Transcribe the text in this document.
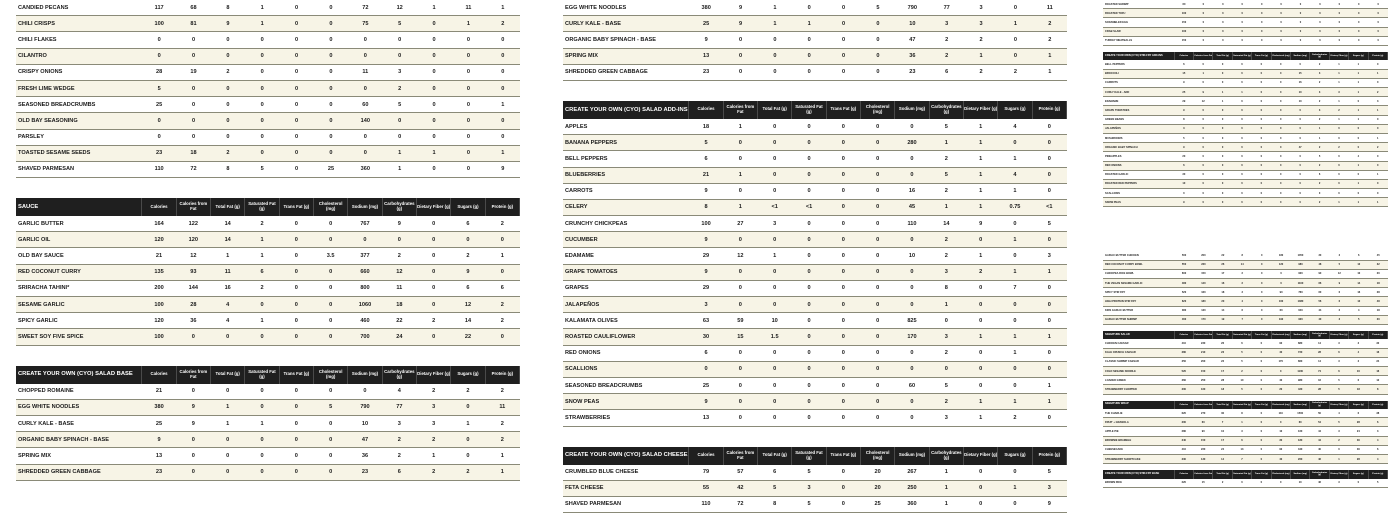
CANDIED PECANS	117	68	8	1	0	0	72	12	1	11	1
CHILI CRISPS	100	81	9	1	0	0	75	5	0	1	2
CHILI FLAKES	0	0	0	0	0	0	0	0	0	0	0
CILANTRO	0	0	0	0	0	0	0	0	0	0	0
CRISPY ONIONS	28	19	2	0	0	0	11	3	0	0	0
FRESH LIME WEDGE	5	0	0	0	0	0	0	2	0	0	0
SEASONED BREADCRUMBS	25	0	0	0	0	0	60	5	0	0	1
OLD BAY SEASONING	0	0	0	0	0	0	140	0	0	0	0
PARSLEY	0	0	0	0	0	0	0	0	0	0	0
TOASTED SESAME SEEDS	23	18	2	0	0	0	0	1	1	0	1
SHAVED PARMESAN	110	72	8	5	0	25	360	1	0	0	9
SAUCE	Calories	Calories from Fat	Total Fat (g)	Saturated Fat (g)	Trans Fat (g)	Cholesterol (mg)	Sodium (mg)	Carbohydrates (g)	Dietary Fiber (g)	Sugars (g)	Protein (g)
GARLIC BUTTER	164	122	14	2	0	0	767	9	0	6	2
GARLIC OIL	120	120	14	1	0	0	0	0	0	0	0
OLD BAY SAUCE	21	12	1	1	0	3.5	377	2	0	2	1
RED COCONUT CURRY	135	93	11	6	0	0	660	12	0	9	0
SRIRACHA TAHINI*	200	144	16	2	0	0	800	11	0	6	6
SESAME GARLIC	100	28	4	0	0	0	1060	18	0	12	2
SPICY GARLIC	120	36	4	1	0	0	460	22	2	14	2
SWEET SOY FIVE SPICE	100	0	0	0	0	0	700	24	0	22	0
CREATE YOUR OWN (CYO) SALAD BASE	Calories	Calories from Fat	Total Fat (g)	Saturated Fat (g)	Trans Fat (g)	Cholesterol (mg)	Sodium (mg)	Carbohydrates (g)	Dietary Fiber (g)	Sugars (g)	Protein (g)
CHOPPED ROMAINE	21	0	0	0	0	0	0	4	2	2	2
EGG WHITE NOODLES	380	9	1	0	0	5	790	77	3	0	11
CURLY KALE - BASE	25	9	1	1	0	0	10	3	3	1	2
ORGANIC BABY SPINACH - BASE	9	0	0	0	0	0	47	2	2	0	2
SPRING MIX	13	0	0	0	0	0	36	2	1	0	1
SHREDDED GREEN CABBAGE	23	0	0	0	0	0	23	6	2	2	1
EGG WHITE NOODLES	380	9	1	0	0	5	790	77	3	0	11
CURLY KALE - BASE	25	9	1	1	0	0	10	3	3	1	2
ORGANIC BABY SPINACH - BASE	9	0	0	0	0	0	47	2	2	0	2
SPRING MIX	13	0	0	0	0	0	36	2	1	0	1
SHREDDED GREEN CABBAGE	23	0	0	0	0	0	23	6	2	2	1
CREATE YOUR OWN (CYO) SALAD ADD-INS	Calories	Calories from Fat	Total Fat (g)	Saturated Fat (g)	Trans Fat (g)	Cholesterol (mg)	Sodium (mg)	Carbohydrates (g)	Dietary Fiber (g)	Sugars (g)	Protein (g)
APPLES	18	1	0	0	0	0	0	5	1	4	0
BANANA PEPPERS	5	0	0	0	0	0	280	1	1	0	0
BELL PEPPERS	6	0	0	0	0	0	0	2	1	1	0
BLUEBERRIES	21	1	0	0	0	0	0	5	1	4	0
CARROTS	9	0	0	0	0	0	16	2	1	1	0
CELERY	8	1	<1	<1	0	0	45	1	1	0.75	<1
CRUNCHY CHICKPEAS	100	27	3	0	0	0	110	14	9	0	5
CUCUMBER	9	0	0	0	0	0	0	2	0	1	0
EDAMAME	29	12	1	0	0	0	10	2	1	0	3
GRAPE TOMATOES	9	0	0	0	0	0	0	3	2	1	1
GRAPES	29	0	0	0	0	0	0	8	0	7	0
JALAPEÑOS	3	0	0	0	0	0	0	1	0	0	0
KALAMATA OLIVES	63	59	10	0	0	0	825	0	0	0	0
ROASTED CAULIFLOWER	30	15	1.5	0	0	0	170	3	1	1	1
RED ONIONS	6	0	0	0	0	0	0	2	0	1	0
SCALLIONS	0	0	0	0	0	0	0	0	0	0	0
SEASONED BREADCRUMBS	25	0	0	0	0	0	60	5	0	0	1
SNOW PEAS	9	0	0	0	0	0	0	2	1	1	1
STRAWBERRIES	13	0	0	0	0	0	0	3	1	2	0
CREATE YOUR OWN (CYO) SALAD CHEESE	Calories	Calories from Fat	Total Fat (g)	Saturated Fat (g)	Trans Fat (g)	Cholesterol (mg)	Sodium (mg)	Carbohydrates (g)	Dietary Fiber (g)	Sugars (g)	Protein (g)
CRUMBLED BLUE CHEESE	79	57	6	5	0	20	267	1	0	0	5
FETA CHEESE	55	42	5	3	0	20	250	1	0	1	3
SHAVED PARMESAN	110	72	8	5	0	25	360	1	0	0	9
ROASTED SHRIMP	60	0	0	0	0	0	0	0	0	0	0
ROASTED TOFU	100	0	0	0	0	0	0	0	0	0	0
SCRAMBLED EGG	150	0	0	0	0	0	0	0	0	0	0
CRAB SLAW	100	0	0	0	0	0	0	0	0	0	0
TURKEY MEATBALLS	150	0	0	0	0	0	0	0	0	0	0
CREATE YOUR OWN (CYO) STIR-FRY ADD-INS	Calories	Calories from Fat	Total Fat (g)	Saturated Fat (g)	Trans Fat (g)	Cholesterol (mg)	Sodium (mg)	Carbohydrates (g)	Dietary Fiber (g)	Sugars (g)	Protein (g)
BELL PEPPERS	6	0	0	0	0	0	0	2	1	1	0
BROCCOLI	15	1	0	0	0	0	15	3	1	1	1
CARROTS	9	0	0	0	0	0	16	2	1	1	0
CURLY KALE - ADD	25	9	1	1	0	0	10	3	3	1	2
EDAMAME	29	12	1	0	0	0	10	2	1	0	3
GRAPE TOMATOES	9	0	0	0	0	0	0	3	2	1	1
GREEN BEANS	8	0	0	0	0	0	0	2	1	1	0
JALAPEÑOS	3	0	0	0	0	0	0	1	0	0	0
MUSHROOMS	5	0	0	0	0	0	0	1	0	0	1
ORGANIC BABY SPINACH	9	0	0	0	0	0	47	2	2	0	2
PINEAPPLES	20	0	0	0	0	0	0	5	0	4	0
RED ONIONS	6	0	0	0	0	0	0	2	0	1	0
ROASTED GARLIC	30	0	0	0	0	0	0	6	0	0	1
ROASTED RED PEPPERS	10	0	0	0	0	0	0	2	0	1	0
SCALLIONS	0	0	0	0	0	0	0	0	0	0	0
SNOW PEAS	9	0	0	0	0	0	0	2	1	1	1
GARLIC BUTTER CHICKEN	500	200	22	8	0	180	1050	30	3	6	45
RED COCONUT CURRY BOWL	550	230	26	14	0	120	980	48	5	12	32
CHICKPEA RICE BOWL	600	150	17	2	0	0	900	90	12	10	20
THE VEGAN SESAME GARLIC	480	140	16	2	0	0	1160	66	9	14	18
SPICY STIR FRY	520	160	18	3	0	90	760	60	6	16	28
HIGH PROTEIN STIR FRY	620	180	20	4	0	160	1080	56	6	12	48
KIDS GARLIC BUTTER	380	130	14	6	0	60	640	44	2	4	18
GARLIC BUTTER SHRIMP	460	170	19	7	0	190	900	40	3	5	30
SIGNATURE SALAD	Calories	Calories from Fat	Total Fat (g)	Saturated Fat (g)	Trans Fat (g)	Cholesterol (mg)	Sodium (mg)	Carbohydrates (g)	Dietary Fiber (g)	Sugars (g)	Protein (g)
CHICKEN CAESAR	410	230	26	6	0	90	880	14	3	3	32
KALE CRUNCH CAESAR	380	210	23	5	0	40	720	28	6	4	16
CLASSIC SHRIMP CAESAR	350	200	22	5	0	170	860	14	3	3	24
COLD SESAME NOODLE	520	150	17	2	0	0	1100	74	6	16	16
LOADED GREEK	360	250	28	10	0	40	980	16	5	6	12
STRAWBERRY CHOPPED	300	160	18	5	0	20	420	28	5	18	8
SIGNATURE WRAP	Calories	Calories from Fat	Total Fat (g)	Saturated Fat (g)	Trans Fat (g)	Cholesterol (mg)	Sodium (mg)	Carbohydrates (g)	Dietary Fiber (g)	Sugars (g)	Protein (g)
THE CHARLIE	620	270	30	8	0	110	1500	50	4	6	38
FRUIT + GRANOLA	300	60	7	1	0	0	60	54	5	28	6
APPLE PIE	280	90	10	3	0	10	160	44	3	24	3
BROWNIE BRAMBLE	340	150	17	6	0	30	180	44	2	30	4
CHEESECAKE	410	220	24	13	0	90	340	40	0	30	6
STRAWBERRY SHORTCAKE	330	130	14	7	0	40	260	46	1	28	4
CREATE YOUR OWN (CYO) STIR-FRY BASE	Calories	Calories from Fat	Total Fat (g)	Saturated Fat (g)	Trans Fat (g)	Cholesterol (mg)	Sodium (mg)	Carbohydrates (g)	Dietary Fiber (g)	Sugars (g)	Protein (g)
BROWN RICE	220	15	2	0	0	0	10	46	3	0	5
